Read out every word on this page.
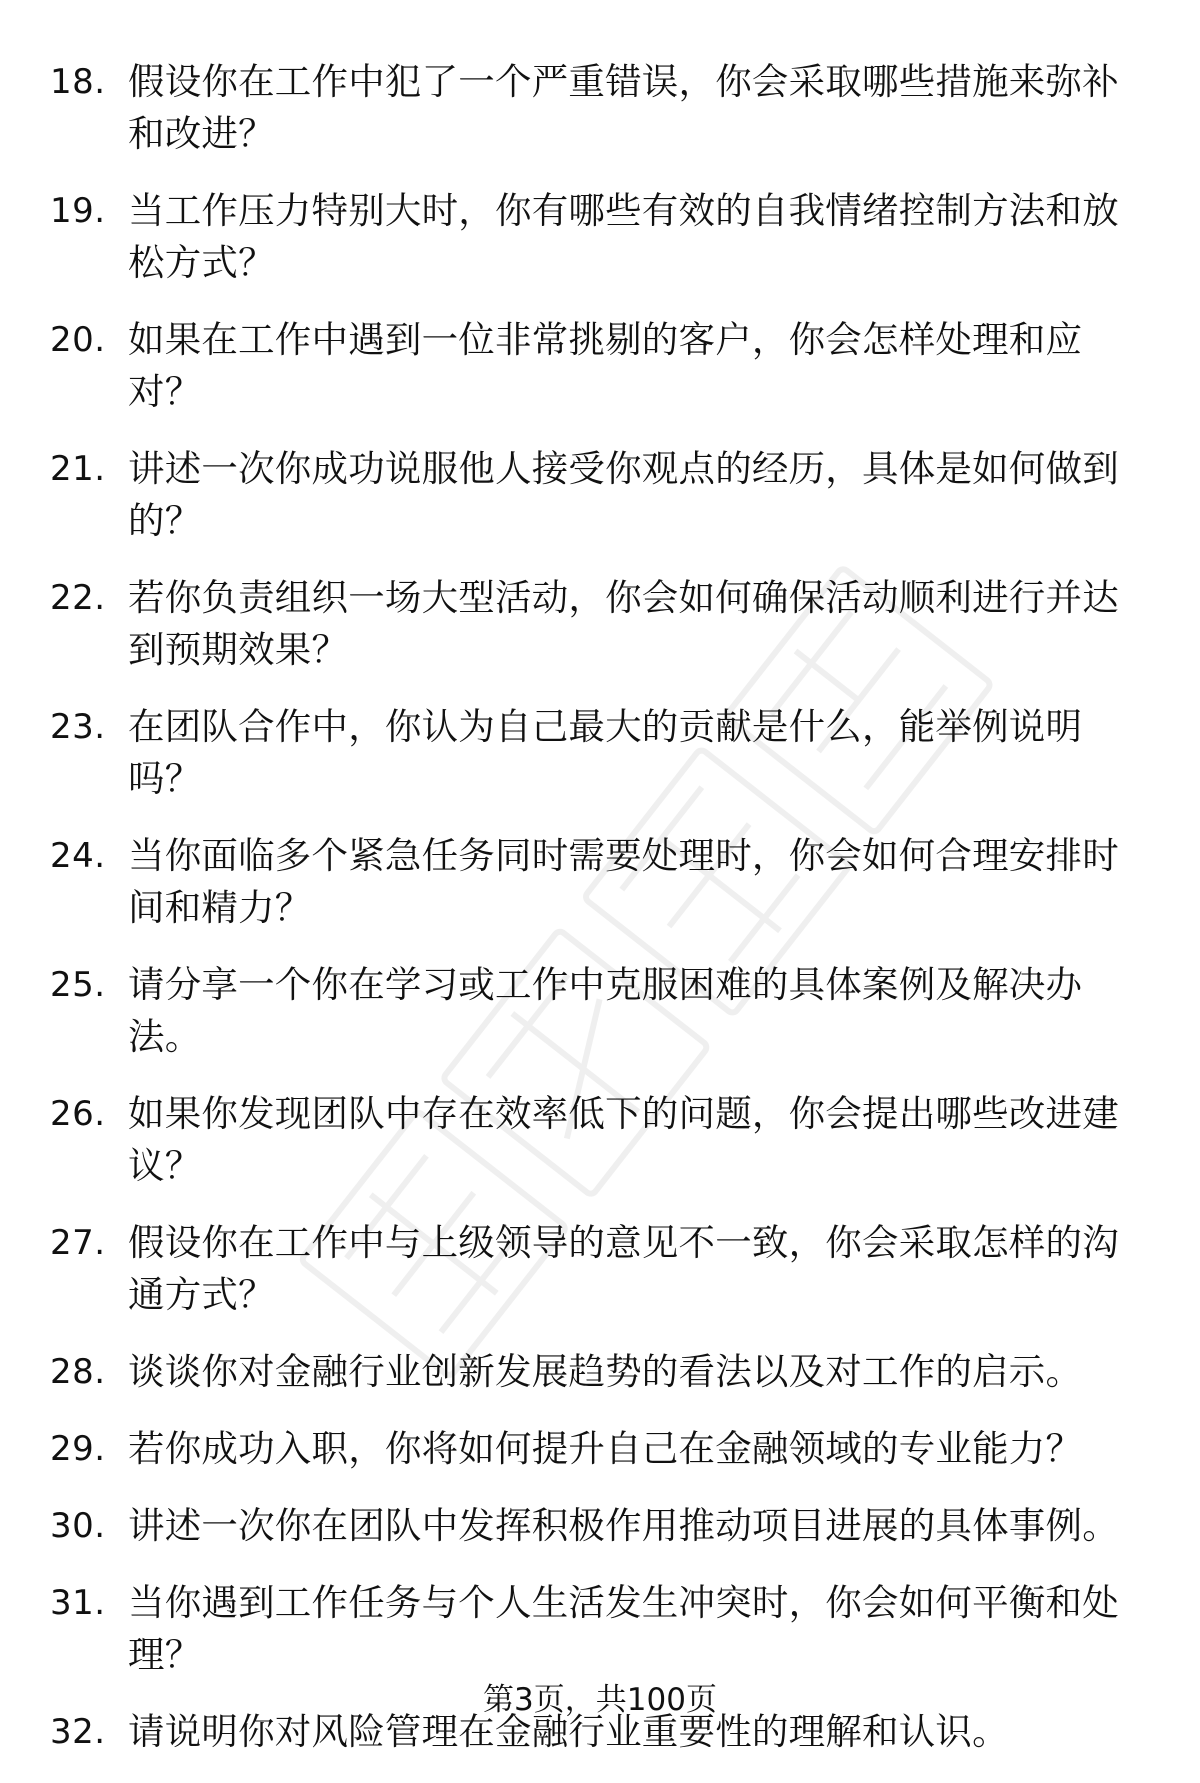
18. 假设你在工作中犯了一个严重错误，你会采取哪些措施来弥补和改进？
19. 当工作压力特别大时，你有哪些有效的自我情绪控制方法和放松方式？
20. 如果在工作中遇到一位非常挑剔的客户，你会怎样处理和应对？
21. 讲述一次你成功说服他人接受你观点的经历，具体是如何做到的？
22. 若你负责组织一场大型活动，你会如何确保活动顺利进行并达到预期效果？
23. 在团队合作中，你认为自己最大的贡献是什么，能举例说明吗？
24. 当你面临多个紧急任务同时需要处理时，你会如何合理安排时间和精力？
25. 请分享一个你在学习或工作中克服困难的具体案例及解决办法。
26. 如果你发现团队中存在效率低下的问题，你会提出哪些改进建议？
27. 假设你在工作中与上级领导的意见不一致，你会采取怎样的沟通方式？
28. 谈谈你对金融行业创新发展趋势的看法以及对工作的启示。
29. 若你成功入职，你将如何提升自己在金融领域的专业能力？
30. 讲述一次你在团队中发挥积极作用推动项目进展的具体事例。
31. 当你遇到工作任务与个人生活发生冲突时，你会如何平衡和处理？
32. 请说明你对风险管理在金融行业重要性的理解和认识。
第3页，共100页
